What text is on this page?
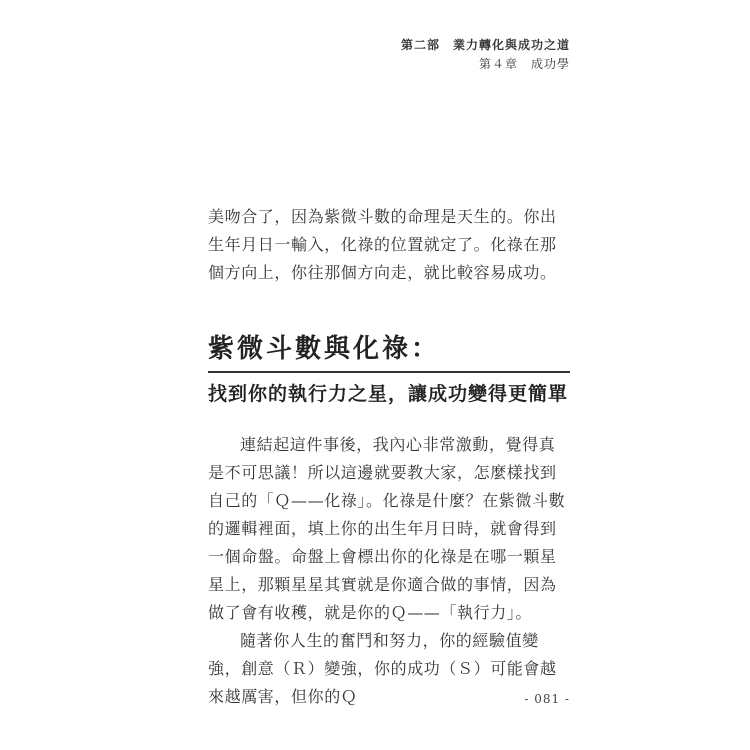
第二部　業力轉化與成功之道
第４章　成功學
美吻合了，因為紫微斗數的命理是天生的。你出生年月日一輸入，化祿的位置就定了。化祿在那個方向上，你往那個方向走，就比較容易成功。
紫微斗數與化祿：
找到你的執行力之星，讓成功變得更簡單

連結起這件事後，我內心非常激動，覺得真是不可思議！所以這邊就要教大家，怎麼樣找到自己的「Ｑ——化祿」。化祿是什麼？在紫微斗數的邏輯裡面，填上你的出生年月日時，就會得到一個命盤。命盤上會標出你的化祿是在哪一顆星星上，那顆星星其實就是你適合做的事情，因為做了會有收穫，就是你的Ｑ——「執行力」。

隨著你人生的奮鬥和努力，你的經驗值變強，創意（Ｒ）變強，你的成功（Ｓ）可能會越來越厲害，但你的Ｑ	- 081 -
